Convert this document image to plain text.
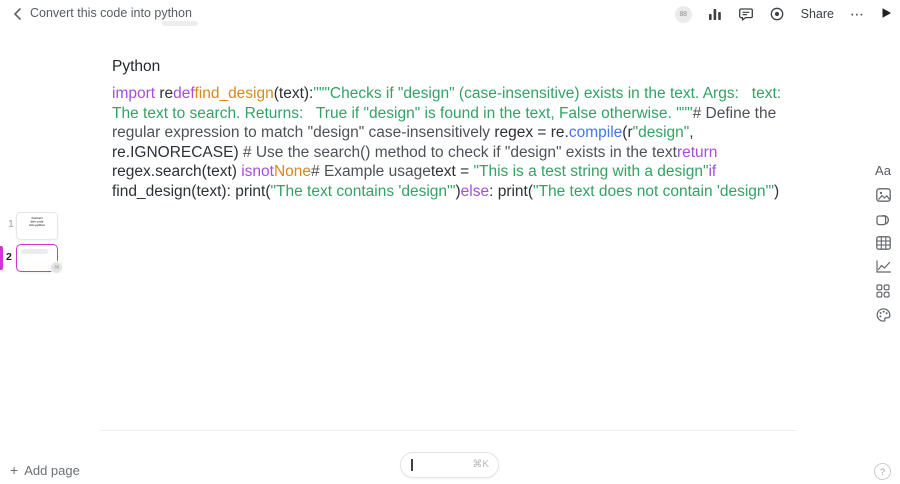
Convert this code into python	88	Share ⋯
1	Convert this code into python
2
88
Python
import redeffind_design(text):"""Checks if "design" (case-insensitive) exists in the text. Args:   text: The text to search. Returns:   True if "design" is found in the text, False otherwise. """# Define the regular expression to match "design" case-insensitively regex = re.compile(r"design", re.IGNORECASE) # Use the search() method to check if "design" exists in the textreturn regex.search(text) isnotNone# Example usagetext = "This is a test string with a design"if find_design(text): print("The text contains 'design'")else: print("The text does not contain 'design'")
Aa
+ Add page	⌘K
?
